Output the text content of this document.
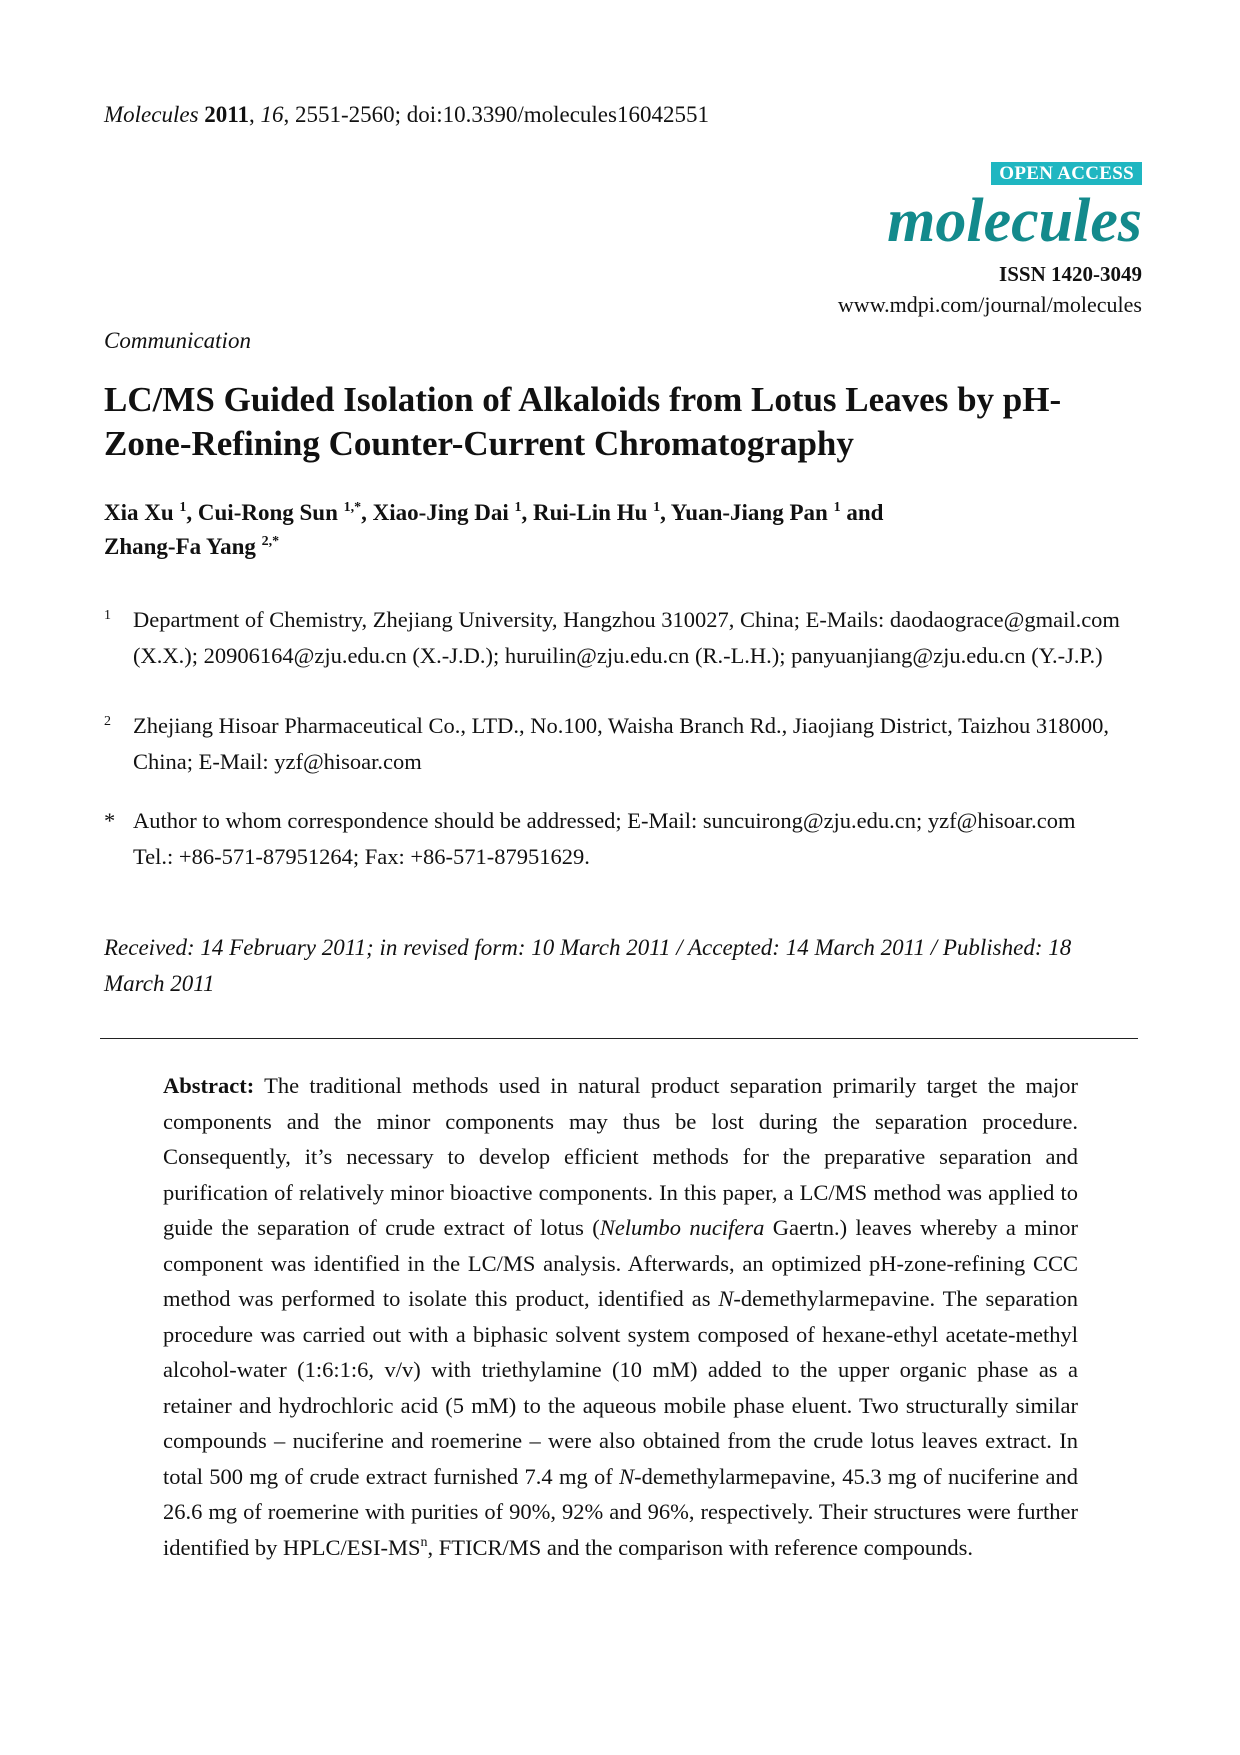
Molecules 2011, 16, 2551-2560; doi:10.3390/molecules16042551
OPEN ACCESS
molecules
ISSN 1420-3049
www.mdpi.com/journal/molecules
Communication
LC/MS Guided Isolation of Alkaloids from Lotus Leaves by pH-Zone-Refining Counter-Current Chromatography
Xia Xu $^1$, Cui-Rong Sun $^{1,*}$, Xiao-Jing Dai $^1$, Rui-Lin Hu $^1$, Yuan-Jiang Pan $^1$ and
Zhang-Fa Yang $^{2,*}$
1 Department of Chemistry, Zhejiang University, Hangzhou 310027, China; E-Mails: daodaograce@gmail.com (X.X.); 20906164@zju.edu.cn (X.-J.D.); huruilin@zju.edu.cn (R.-L.H.); panyuanjiang@zju.edu.cn (Y.-J.P.)
2 Zhejiang Hisoar Pharmaceutical Co., LTD., No.100, Waisha Branch Rd., Jiaojiang District, Taizhou 318000, China; E-Mail: yzf@hisoar.com
* Author to whom correspondence should be addressed; E-Mail: suncuirong@zju.edu.cn; yzf@hisoar.com
Tel.: +86-571-87951264; Fax: +86-571-87951629.
Received: 14 February 2011; in revised form: 10 March 2011 / Accepted: 14 March 2011 / Published: 18 March 2011
Abstract: The traditional methods used in natural product separation primarily target the major components and the minor components may thus be lost during the separation procedure. Consequently, it’s necessary to develop efficient methods for the preparative separation and purification of relatively minor bioactive components. In this paper, a LC/MS method was applied to guide the separation of crude extract of lotus (Nelumbo nucifera Gaertn.) leaves whereby a minor component was identified in the LC/MS analysis. Afterwards, an optimized pH-zone-refining CCC method was performed to isolate this product, identified as N-demethylarmepavine. The separation procedure was carried out with a biphasic solvent system composed of hexane-ethyl acetate-methyl alcohol-water (1:6:1:6, v/v) with triethylamine (10 mM) added to the upper organic phase as a retainer and hydrochloric acid (5 mM) to the aqueous mobile phase eluent. Two structurally similar compounds – nuciferine and roemerine – were also obtained from the crude lotus leaves extract. In total 500 mg of crude extract furnished 7.4 mg of N-demethylarmepavine, 45.3 mg of nuciferine and 26.6 mg of roemerine with purities of 90%, 92% and 96%, respectively. Their structures were further identified by HPLC/$ESI-MS^n$, FTICR/MS and the comparison with reference compounds.
